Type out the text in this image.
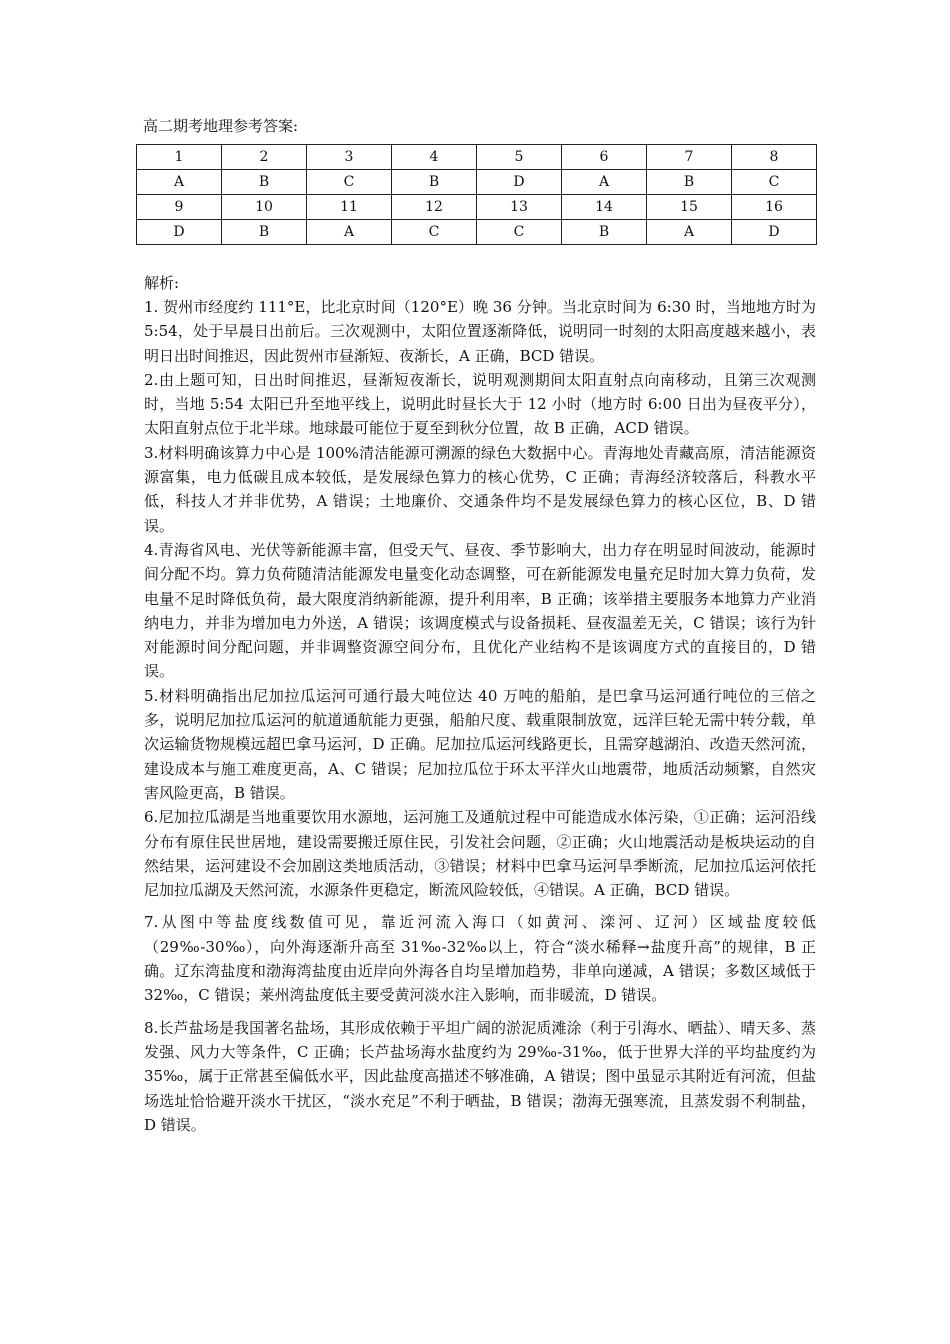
高二期考地理参考答案:
1	2	3	4	5	6	7	8
A	B	C	B	D	A	B	C
9	10	11	12	13	14	15	16
D	B	A	C	C	B	A	D
解析:

1. 贺州市经度约 111°E，比北京时间（120°E）晚 36 分钟。当北京时间为 6:30 时，当地地方时为 5:54，处于早晨日出前后。三次观测中，太阳位置逐渐降低，说明同一时刻的太阳高度越来越小，表明日出时间推迟，因此贺州市昼渐短、夜渐长，A 正确，BCD 错误。

2.由上题可知，日出时间推迟，昼渐短夜渐长，说明观测期间太阳直射点向南移动，且第三次观测时，当地 5:54 太阳已升至地平线上，说明此时昼长大于 12 小时（地方时 6:00 日出为昼夜平分），太阳直射点位于北半球。地球最可能位于夏至到秋分位置，故 B 正确，ACD 错误。

3.材料明确该算力中心是 100%清洁能源可溯源的绿色大数据中心。青海地处青藏高原，清洁能源资源富集，电力低碳且成本较低，是发展绿色算力的核心优势，C 正确；青海经济较落后，科教水平低，科技人才并非优势，A 错误；土地廉价、交通条件均不是发展绿色算力的核心区位，B、D 错误。

4.青海省风电、光伏等新能源丰富，但受天气、昼夜、季节影响大，出力存在明显时间波动，能源时间分配不均。算力负荷随清洁能源发电量变化动态调整，可在新能源发电量充足时加大算力负荷，发电量不足时降低负荷，最大限度消纳新能源，提升利用率，B 正确；该举措主要服务本地算力产业消纳电力，并非为增加电力外送，A 错误；该调度模式与设备损耗、昼夜温差无关，C 错误；该行为针对能源时间分配问题，并非调整资源空间分布，且优化产业结构不是该调度方式的直接目的，D 错误。

5.材料明确指出尼加拉瓜运河可通行最大吨位达 40 万吨的船舶，是巴拿马运河通行吨位的三倍之多，说明尼加拉瓜运河的航道通航能力更强，船舶尺度、载重限制放宽，远洋巨轮无需中转分载，单次运输货物规模远超巴拿马运河，D 正确。尼加拉瓜运河线路更长，且需穿越湖泊、改造天然河流，建设成本与施工难度更高，A、C 错误；尼加拉瓜位于环太平洋火山地震带，地质活动频繁，自然灾害风险更高，B 错误。

6.尼加拉瓜湖是当地重要饮用水源地，运河施工及通航过程中可能造成水体污染，①正确；运河沿线分布有原住民世居地，建设需要搬迁原住民，引发社会问题，②正确；火山地震活动是板块运动的自然结果，运河建设不会加剧这类地质活动，③错误；材料中巴拿马运河旱季断流，尼加拉瓜运河依托尼加拉瓜湖及天然河流，水源条件更稳定，断流风险较低，④错误。A 正确，BCD 错误。

7.从图中等盐度线数值可见，靠近河流入海口（如黄河、滦河、辽河）区域盐度较低（29‰-30‰），向外海逐渐升高至 31‰-32‰以上，符合“淡水稀释→盐度升高”的规律，B 正确。辽东湾盐度和渤海湾盐度由近岸向外海各自均呈增加趋势，非单向递减，A 错误；多数区域低于 32‰，C 错误；莱州湾盐度低主要受黄河淡水注入影响，而非暖流，D 错误。

8.长芦盐场是我国著名盐场，其形成依赖于平坦广阔的淤泥质滩涂（利于引海水、晒盐）、晴天多、蒸发强、风力大等条件，C 正确；长芦盐场海水盐度约为 29‰-31‰，低于世界大洋的平均盐度约为 35‰，属于正常甚至偏低水平，因此盐度高描述不够准确，A 错误；图中虽显示其附近有河流，但盐场选址恰恰避开淡水干扰区，“淡水充足”不利于晒盐，B 错误；渤海无强寒流，且蒸发弱不利制盐，D 错误。
